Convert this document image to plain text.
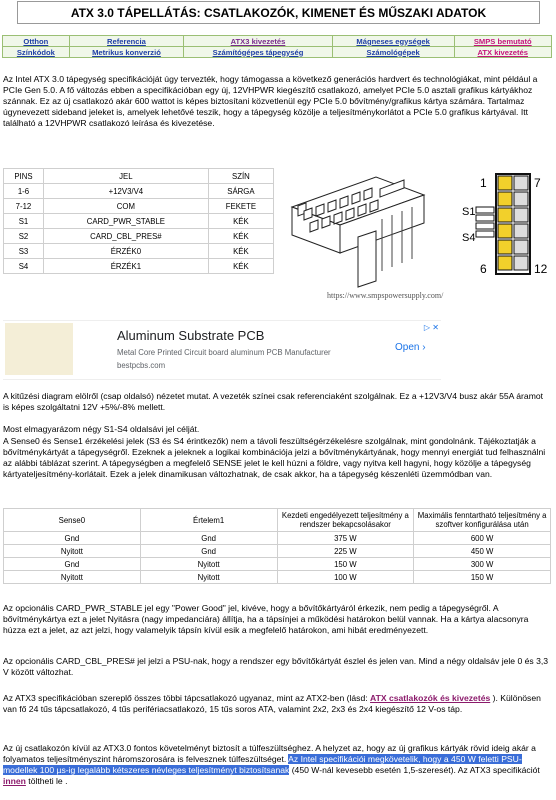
ATX 3.0 TÁPELLÁTÁS: CSATLAKOZÓK, KIMENET ÉS MŰSZAKI ADATOK
Otthon	Referencia	ATX3 kivezetés	Mágneses egységek	SMPS bemutató
Színkódok	Metrikus konverzió	Számítógépes tápegység	Számológépek	ATX kivezetés

Az Intel ATX 3.0 tápegység specifikációját úgy tervezték, hogy támogassa a következő generációs hardvert és technológiákat, mint például a PCIe Gen 5.0. A fő változás ebben a specifikációban egy új, 12VHPWR kiegészítő csatlakozó, amelyet PCIe 5.0 asztali grafikus kártyákhoz szánnak. Ez az új csatlakozó akár 600 wattot is képes biztosítani közvetlenül egy PCIe 5.0 bővítmény/grafikus kártya számára. Tartalmaz úgynevezett sideband jeleket is, amelyek lehetővé teszik, hogy a tápegység közölje a teljesítménykorlátot a PCIe 5.0 grafikus kártyával. Itt található a 12VHPWR csatlakozó leírása és kivezetése.

PINS	JEL	SZÍN
1-6	+12V3/V4	SÁRGA
7-12	COM	FEKETE
S1	CARD_PWR_STABLE	KÉK
S2	CARD_CBL_PRES#	KÉK
S3	ÉRZÉK0	KÉK
S4	ÉRZÉK1	KÉK
1	7
S1
S4
6	12
https://www.smpspowersupply.com/
Aluminum Substrate PCB
Metal Core Printed Circuit board aluminum PCB Manufacturer
bestpcbs.com
Open ›
▷ ✕

A kitűzési diagram elölről (csap oldalsó) nézetet mutat. A vezeték színei csak referenciaként szolgálnak. Ez a +12V3/V4 busz akár 55A áramot is képes szolgáltatni 12V +5%/-8% mellett.

Most elmagyarázom négy S1-S4 oldalsávi jel célját.

A Sense0 és Sense1 érzékelési jelek (S3 és S4 érintkezők) nem a távoli feszültségérzékelésre szolgálnak, mint gondolnánk. Tájékoztatják a bővítménykártyát a tápegységről. Ezeknek a jeleknek a logikai kombinációja jelzi a bővítménykártyának, hogy mennyi energiát tud felhasználni az alábbi táblázat szerint. A tápegységben a megfelelő SENSE jelet le kell húzni a földre, vagy nyitva kell hagyni, hogy közölje a tápegység kártyateljesítmény-korlátait. Ezek a jelek dinamikusan változhatnak, de csak akkor, ha a tápegység készenléti üzemmódban van.

Sense0	Értelem1	Kezdeti engedélyezett teljesítmény a rendszer bekapcsolásakor	Maximális fenntartható teljesítmény a szoftver konfigurálása után
Gnd	Gnd	375 W	600 W
Nyitott	Gnd	225 W	450 W
Gnd	Nyitott	150 W	300 W
Nyitott	Nyitott	100 W	150 W

Az opcionális CARD_PWR_STABLE jel egy "Power Good" jel, kivéve, hogy a bővítőkártyáról érkezik, nem pedig a tápegységről. A bővítménykártya ezt a jelet Nyitásra (nagy impedanciára) állítja, ha a tápsínjei a működési határokon belül vannak. Ha a kártya alacsonyra húzza ezt a jelet, az azt jelzi, hogy valamelyik tápsín kívül esik a megfelelő határokon, ami hibát eredményezett.

Az opcionális CARD_CBL_PRES# jel jelzi a PSU-nak, hogy a rendszer egy bővítőkártyát észlel és jelen van. Mind a négy oldalsáv jele 0 és 3,3 V között változhat.

Az ATX3 specifikációban szereplő összes többi tápcsatlakozó ugyanaz, mint az ATX2-ben (lásd: ATX csatlakozók és kivezetés ). Különösen van fő 24 tűs tápcsatlakozó, 4 tűs perifériacsatlakozó, 15 tűs soros ATA, valamint 2x2, 2x3 és 2x4 kiegészítő 12 V-os táp.

Az új csatlakozón kívül az ATX3.0 fontos követelményt biztosít a túlfeszültséghez. A helyzet az, hogy az új grafikus kártyák rövid ideig akár a folyamatos teljesítményszint háromszorosára is felvesznek túlfeszültséget. Az Intel specifikációi megkövetelik, hogy a 450 W feletti PSU-modellek 100 µs-ig legalább kétszeres névleges teljesítményt biztosítsanak (450 W-nál kevesebb esetén 1,5-szeresét). Az ATX3 specifikációt innen töltheti le .
